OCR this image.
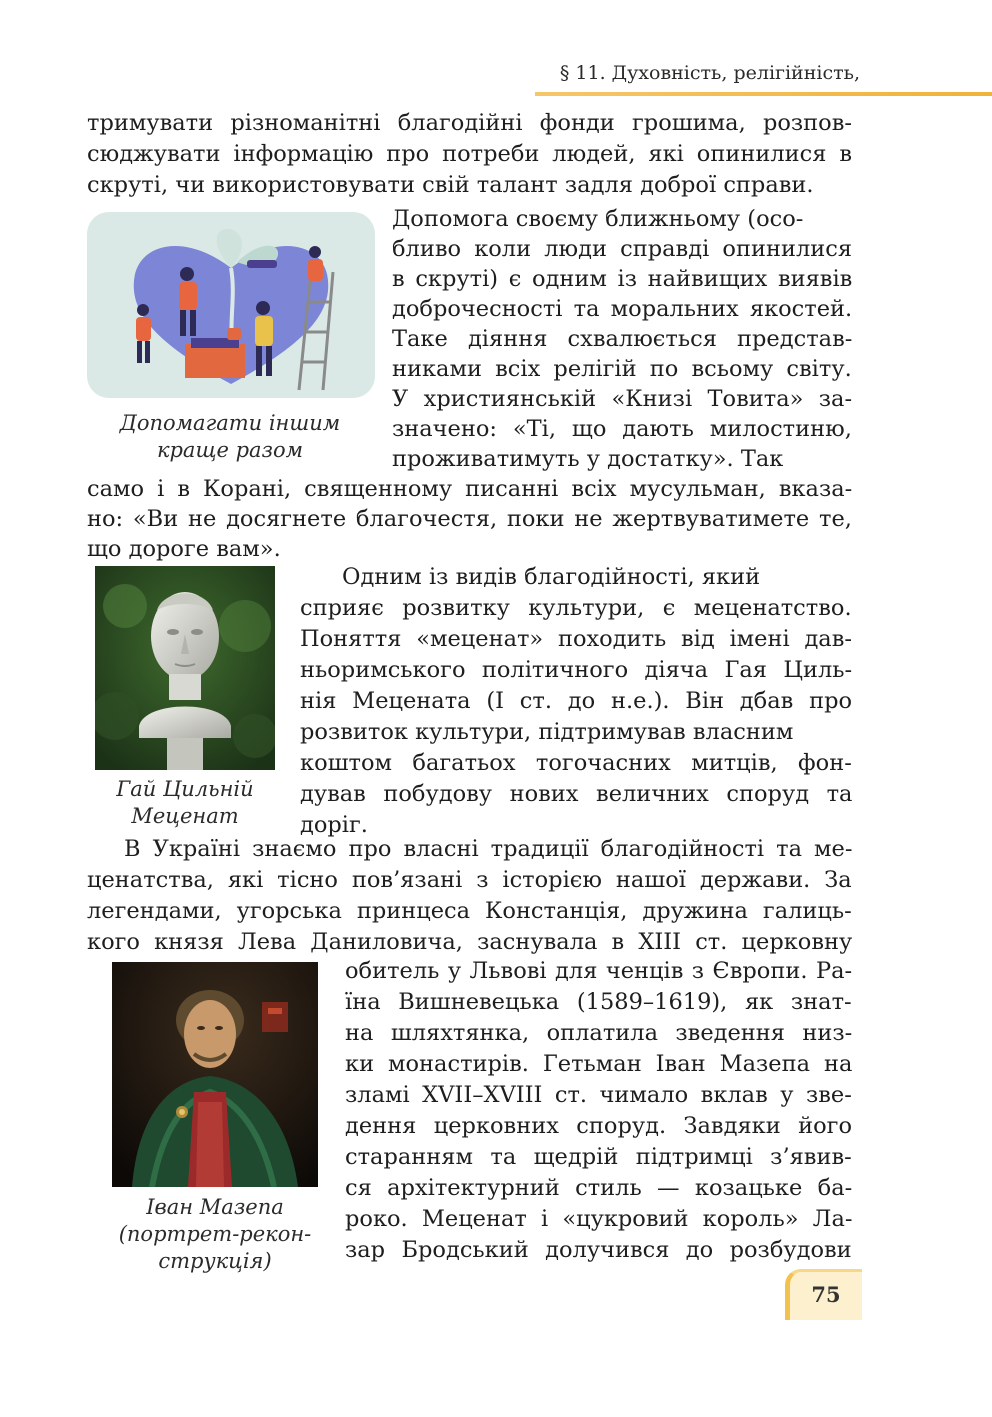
§ 11. Духовність, релігійність,
Допомагати іншим
краще разом
Гай Цильній
Меценат
Іван Мазепа
(портрет-рекон-
струкція)
тримувати різноманітні благодійні фонди грошима, розпов-
сюджувати інформацію про потреби людей, які опинилися в
скруті, чи використовувати свій талант задля доброї справи.
Допомога своєму ближньому (осо-
бливо коли люди справді опинилися
в скруті) є одним із найвищих виявів
доброчесності та моральних якостей.
Таке діяння схвалюється представ-
никами всіх релігій по всьому світу.
У християнській «Книзі Товита» за-
значено: «Ті, що дають милостиню,
проживатимуть у достатку». Так
само і в Корані, священному писанні всіх мусульман, вказа-
но: «Ви не досягнете благочестя, поки не жертвуватимете те,
що дороге вам».
Одним із видів благодійності, який
сприяє розвитку культури, є меценатство.
Поняття «меценат» походить від імені дав-
ньоримського політичного діяча Гая Циль-
нія Мецената (І ст. до н.е.). Він дбав про
розвиток культури, підтримував власним
коштом багатьох тогочасних митців, фон-
дував побудову нових величних споруд та
доріг.
В Україні знаємо про власні традиції благодійності та ме-
ценатства, які тісно пов’язані з історією нашої держави. За
легендами, угорська принцеса Констанція, дружина галиць-
кого князя Лева Даниловича, заснувала в XIII ст. церковну
обитель у Львові для ченців з Європи. Ра-
їна Вишневецька (1589–1619), як знат-
на шляхтянка, оплатила зведення низ-
ки монастирів. Гетьман Іван Мазепа на
зламі XVII–XVIII ст. чимало вклав у зве-
дення церковних споруд. Завдяки його
старанням та щедрій підтримці з’явив-
ся архітектурний стиль — козацьке ба-
роко. Меценат і «цукровий король» Ла-
зар Бродський долучився до розбудови
75
